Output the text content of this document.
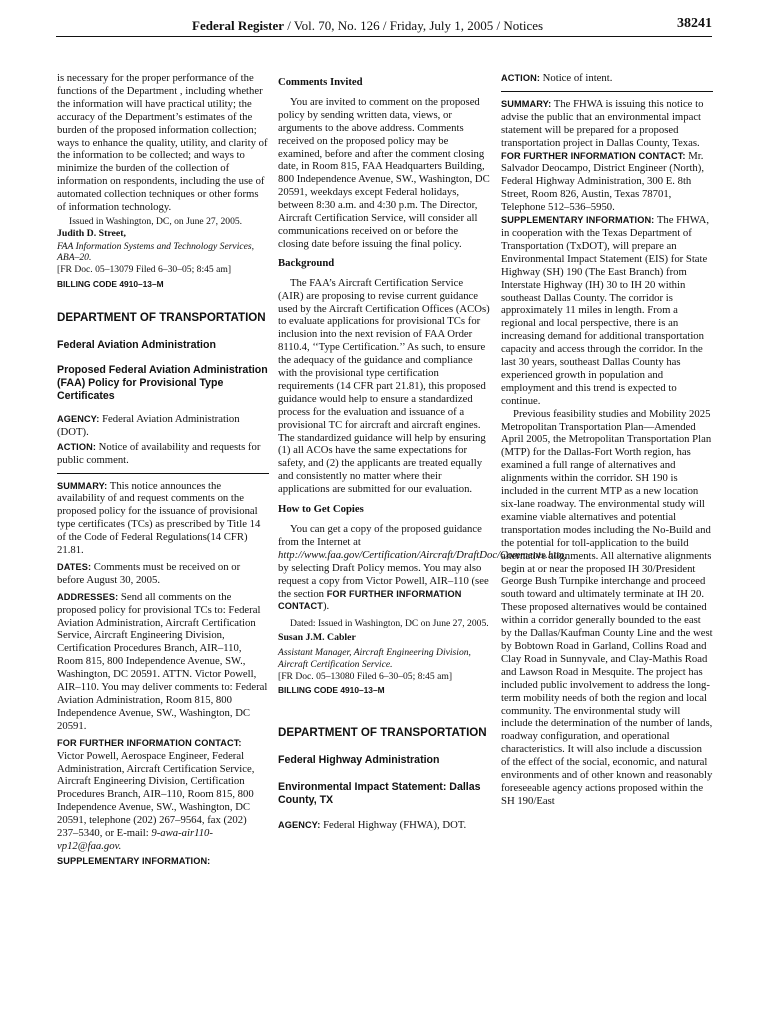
Federal Register / Vol. 70, No. 126 / Friday, July 1, 2005 / Notices	38241

is necessary for the proper performance of the functions of the Department , including whether the information will have practical utility; the accuracy of the Department’s estimates of the burden of the proposed information collection; ways to enhance the quality, utility, and clarity of the information to be collected; and ways to minimize the burden of the collection of information on respondents, including the use of automated collection techniques or other forms of information technology.

Issued in Washington, DC, on June 27, 2005.

Judith D. Street,

FAA Information Systems and Technology Services, ABA–20.

[FR Doc. 05–13079 Filed 6–30–05; 8:45 am]

BILLING CODE 4910–13–M

DEPARTMENT OF TRANSPORTATION

Federal Aviation Administration

Proposed Federal Aviation Administration (FAA) Policy for Provisional Type Certificates

AGENCY: Federal Aviation Administration (DOT).

ACTION: Notice of availability and requests for public comment.

SUMMARY: This notice announces the availability of and request comments on the proposed policy for the issuance of provisional type certificates (TCs) as prescribed by Title 14 of the Code of Federal Regulations(14 CFR) 21.81.

DATES: Comments must be received on or before August 30, 2005.

ADDRESSES: Send all comments on the proposed policy for provisional TCs to: Federal Aviation Administration, Aircraft Certification Service, Aircraft Engineering Division, Certification Procedures Branch, AIR–110, Room 815, 800 Independence Avenue, SW., Washington, DC 20591. ATTN. Victor Powell, AIR–110. You may deliver comments to: Federal Aviation Administration, Room 815, 800 Independence Avenue, SW., Washington, DC 20591.

FOR FURTHER INFORMATION CONTACT:

Victor Powell, Aerospace Engineer, Federal Administration, Aircraft Certification Service, Aircraft Engineering Division, Certification Procedures Branch, AIR–110, Room 815, 800 Independence Avenue, SW., Washington, DC 20591, telephone (202) 267–9564, fax (202) 237–5340, or E-mail: 9-awa-air110-vp12@faa.gov.

SUPPLEMENTARY INFORMATION:

Comments Invited

You are invited to comment on the proposed policy by sending written data, views, or arguments to the above address. Comments received on the proposed policy may be examined, before and after the comment closing date, in Room 815, FAA Headquarters Building, 800 Independence Avenue, SW., Washington, DC 20591, weekdays except Federal holidays, between 8:30 a.m. and 4:30 p.m. The Director, Aircraft Certification Service, will consider all communications received on or before the closing date before issuing the final policy.

Background

The FAA’s Aircraft Certification Service (AIR) are proposing to revise current guidance used by the Aircraft Certification Offices (ACOs) to evaluate applications for provisional TCs for inclusion into the next revision of FAA Order 8110.4, ‘‘Type Certification.’’ As such, to ensure the adequacy of the guidance and compliance with the provisional type certification requirements (14 CFR part 21.81), this proposed guidance would help to ensure a standardized process for the evaluation and issuance of a provisional TC for aircraft and aircraft engines. The standardized guidance will help by ensuring (1) all ACOs have the same expectations for safety, and (2) the applicants are treated equally and consistently no matter where their applications are submitted for our evaluation.

How to Get Copies

You can get a copy of the proposed guidance from the Internet at http://www.faa.gov/Certification/Aircraft/DraftDoc/Comments.htm, by selecting Draft Policy memos. You may also request a copy from Victor Powell, AIR–110 (see the section FOR FURTHER INFORMATION CONTACT).

Dated: Issued in Washington, DC on June 27, 2005.

Susan J.M. Cabler

Assistant Manager, Aircraft Engineering Division, Aircraft Certification Service.

[FR Doc. 05–13080 Filed 6–30–05; 8:45 am]

BILLING CODE 4910–13–M

DEPARTMENT OF TRANSPORTATION

Federal Highway Administration

Environmental Impact Statement: Dallas County, TX

AGENCY: Federal Highway (FHWA), DOT.

ACTION: Notice of intent.

SUMMARY: The FHWA is issuing this notice to advise the public that an environmental impact statement will be prepared for a proposed transportation project in Dallas County, Texas.

FOR FURTHER INFORMATION CONTACT: Mr. Salvador Deocampo, District Engineer (North), Federal Highway Administration, 300 E. 8th Street, Room 826, Austin, Texas 78701, Telephone 512–536–5950.

SUPPLEMENTARY INFORMATION: The FHWA, in cooperation with the Texas Department of Transportation (TxDOT), will prepare an Environmental Impact Statement (EIS) for State Highway (SH) 190 (The East Branch) from Interstate Highway (IH) 30 to IH 20 within southeast Dallas County. The corridor is approximately 11 miles in length. From a regional and local perspective, there is an increasing demand for additional transportation capacity and access through the corridor. In the last 30 years, southeast Dallas County has experienced growth in population and employment and this trend is expected to continue.

Previous feasibility studies and Mobility 2025 Metropolitan Transportation Plan—Amended April 2005, the Metropolitan Transportation Plan (MTP) for the Dallas-Fort Worth region, has examined a full range of alternatives and alignments within the corridor. SH 190 is included in the current MTP as a new location six-lane roadway. The environmental study will examine viable alternatives and potential transportation modes including the No-Build and the potential for toll-application to the build alternative alignments. All alternative alignments begin at or near the proposed IH 30/President George Bush Turnpike interchange and proceed south toward and ultimately terminate at IH 20. These proposed alternatives would be contained within a corridor generally bounded to the east by the Dallas/Kaufman County Line and the west by Bobtown Road in Garland, Collins Road and Clay Road in Sunnyvale, and Clay-Mathis Road and Lawson Road in Mesquite. The project has included public involvement to address the long-term mobility needs of both the region and local community. The environmental study will include the determination of the number of lands, roadway configuration, and operational characteristics. It will also include a discussion of the effect of the social, economic, and natural environments and of other known and reasonably foreseeable agency actions proposed within the SH 190/East
